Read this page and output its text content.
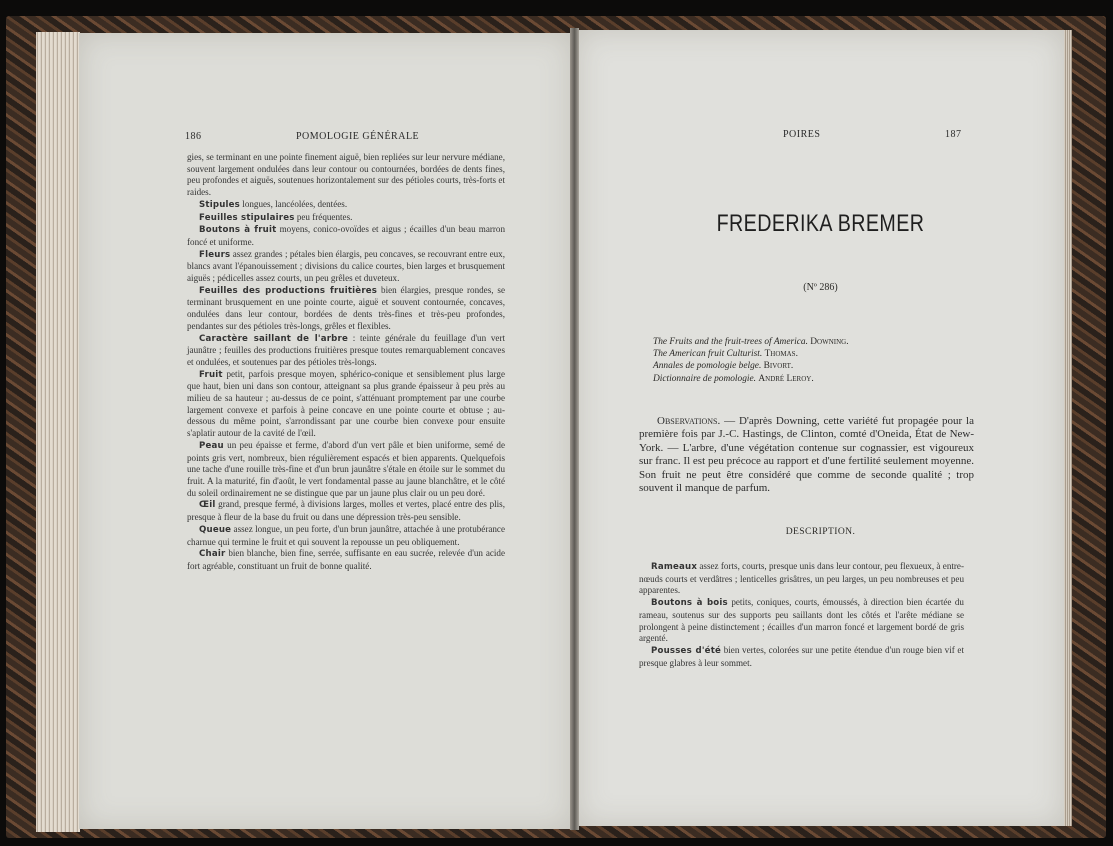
186	POMOLOGIE GÉNÉRALE

gies, se terminant en une pointe finement aiguë, bien repliées sur leur nervure médiane, souvent largement ondulées dans leur contour ou contournées, bordées de dents fines, peu profondes et aiguës, soutenues horizontalement sur des pétioles courts, très-forts et raides.

Stipules longues, lancéolées, dentées.

Feuilles stipulaires peu fréquentes.

Boutons à fruit moyens, conico-ovoïdes et aigus ; écailles d'un beau marron foncé et uniforme.

Fleurs assez grandes ; pétales bien élargis, peu concaves, se recouvrant entre eux, blancs avant l'épanouissement ; divisions du calice courtes, bien larges et brusquement aiguës ; pédicelles assez courts, un peu grêles et duveteux.

Feuilles des productions fruitières bien élargies, presque rondes, se terminant brusquement en une pointe courte, aiguë et souvent contournée, concaves, ondulées dans leur contour, bordées de dents très-fines et très-peu profondes, pendantes sur des pétioles très-longs, grêles et flexibles.

Caractère saillant de l'arbre : teinte générale du feuillage d'un vert jaunâtre ; feuilles des productions fruitières presque toutes remarquablement concaves et ondulées, et soutenues par des pétioles très-longs.

Fruit petit, parfois presque moyen, sphérico-conique et sensiblement plus large que haut, bien uni dans son contour, atteignant sa plus grande épaisseur à peu près au milieu de sa hauteur ; au-dessus de ce point, s'atténuant promptement par une courbe largement convexe et parfois à peine concave en une pointe courte et obtuse ; au-dessous du même point, s'arrondissant par une courbe bien convexe pour ensuite s'aplatir autour de la cavité de l'œil.

Peau un peu épaisse et ferme, d'abord d'un vert pâle et bien uniforme, semé de points gris vert, nombreux, bien régulièrement espacés et bien apparents. Quelquefois une tache d'une rouille très-fine et d'un brun jaunâtre s'étale en étoile sur le sommet du fruit. A la maturité, fin d'août, le vert fondamental passe au jaune blanchâtre, et le côté du soleil ordinairement ne se distingue que par un jaune plus clair ou un peu doré.

Œil grand, presque fermé, à divisions larges, molles et vertes, placé entre des plis, presque à fleur de la base du fruit ou dans une dépression très-peu sensible.

Queue assez longue, un peu forte, d'un brun jaunâtre, attachée à une protubérance charnue qui termine le fruit et qui souvent la repousse un peu obliquement.

Chair bien blanche, bien fine, serrée, suffisante en eau sucrée, relevée d'un acide fort agréable, constituant un fruit de bonne qualité.

POIRES	187
FREDERIKA BREMER
(Nº 286)
The Fruits and the fruit-trees of America. Downing.
The American fruit Culturist. Thomas.
Annales de pomologie belge. Bivort.
Dictionnaire de pomologie. André Leroy.
Observations. — D'après Downing, cette variété fut propagée pour la première fois par J.-C. Hastings, de Clinton, comté d'Oneida, État de New-York. — L'arbre, d'une végétation contenue sur cognassier, est vigoureux sur franc. Il est peu précoce au rapport et d'une fertilité seulement moyenne. Son fruit ne peut être considéré que comme de seconde qualité ; trop souvent il manque de parfum.
DESCRIPTION.

Rameaux assez forts, courts, presque unis dans leur contour, peu flexueux, à entre-nœuds courts et verdâtres ; lenticelles grisâtres, un peu larges, un peu nombreuses et peu apparentes.

Boutons à bois petits, coniques, courts, émoussés, à direction bien écartée du rameau, soutenus sur des supports peu saillants dont les côtés et l'arête médiane se prolongent à peine distinctement ; écailles d'un marron foncé et largement bordé de gris argenté.

Pousses d'été bien vertes, colorées sur une petite étendue d'un rouge bien vif et presque glabres à leur sommet.
